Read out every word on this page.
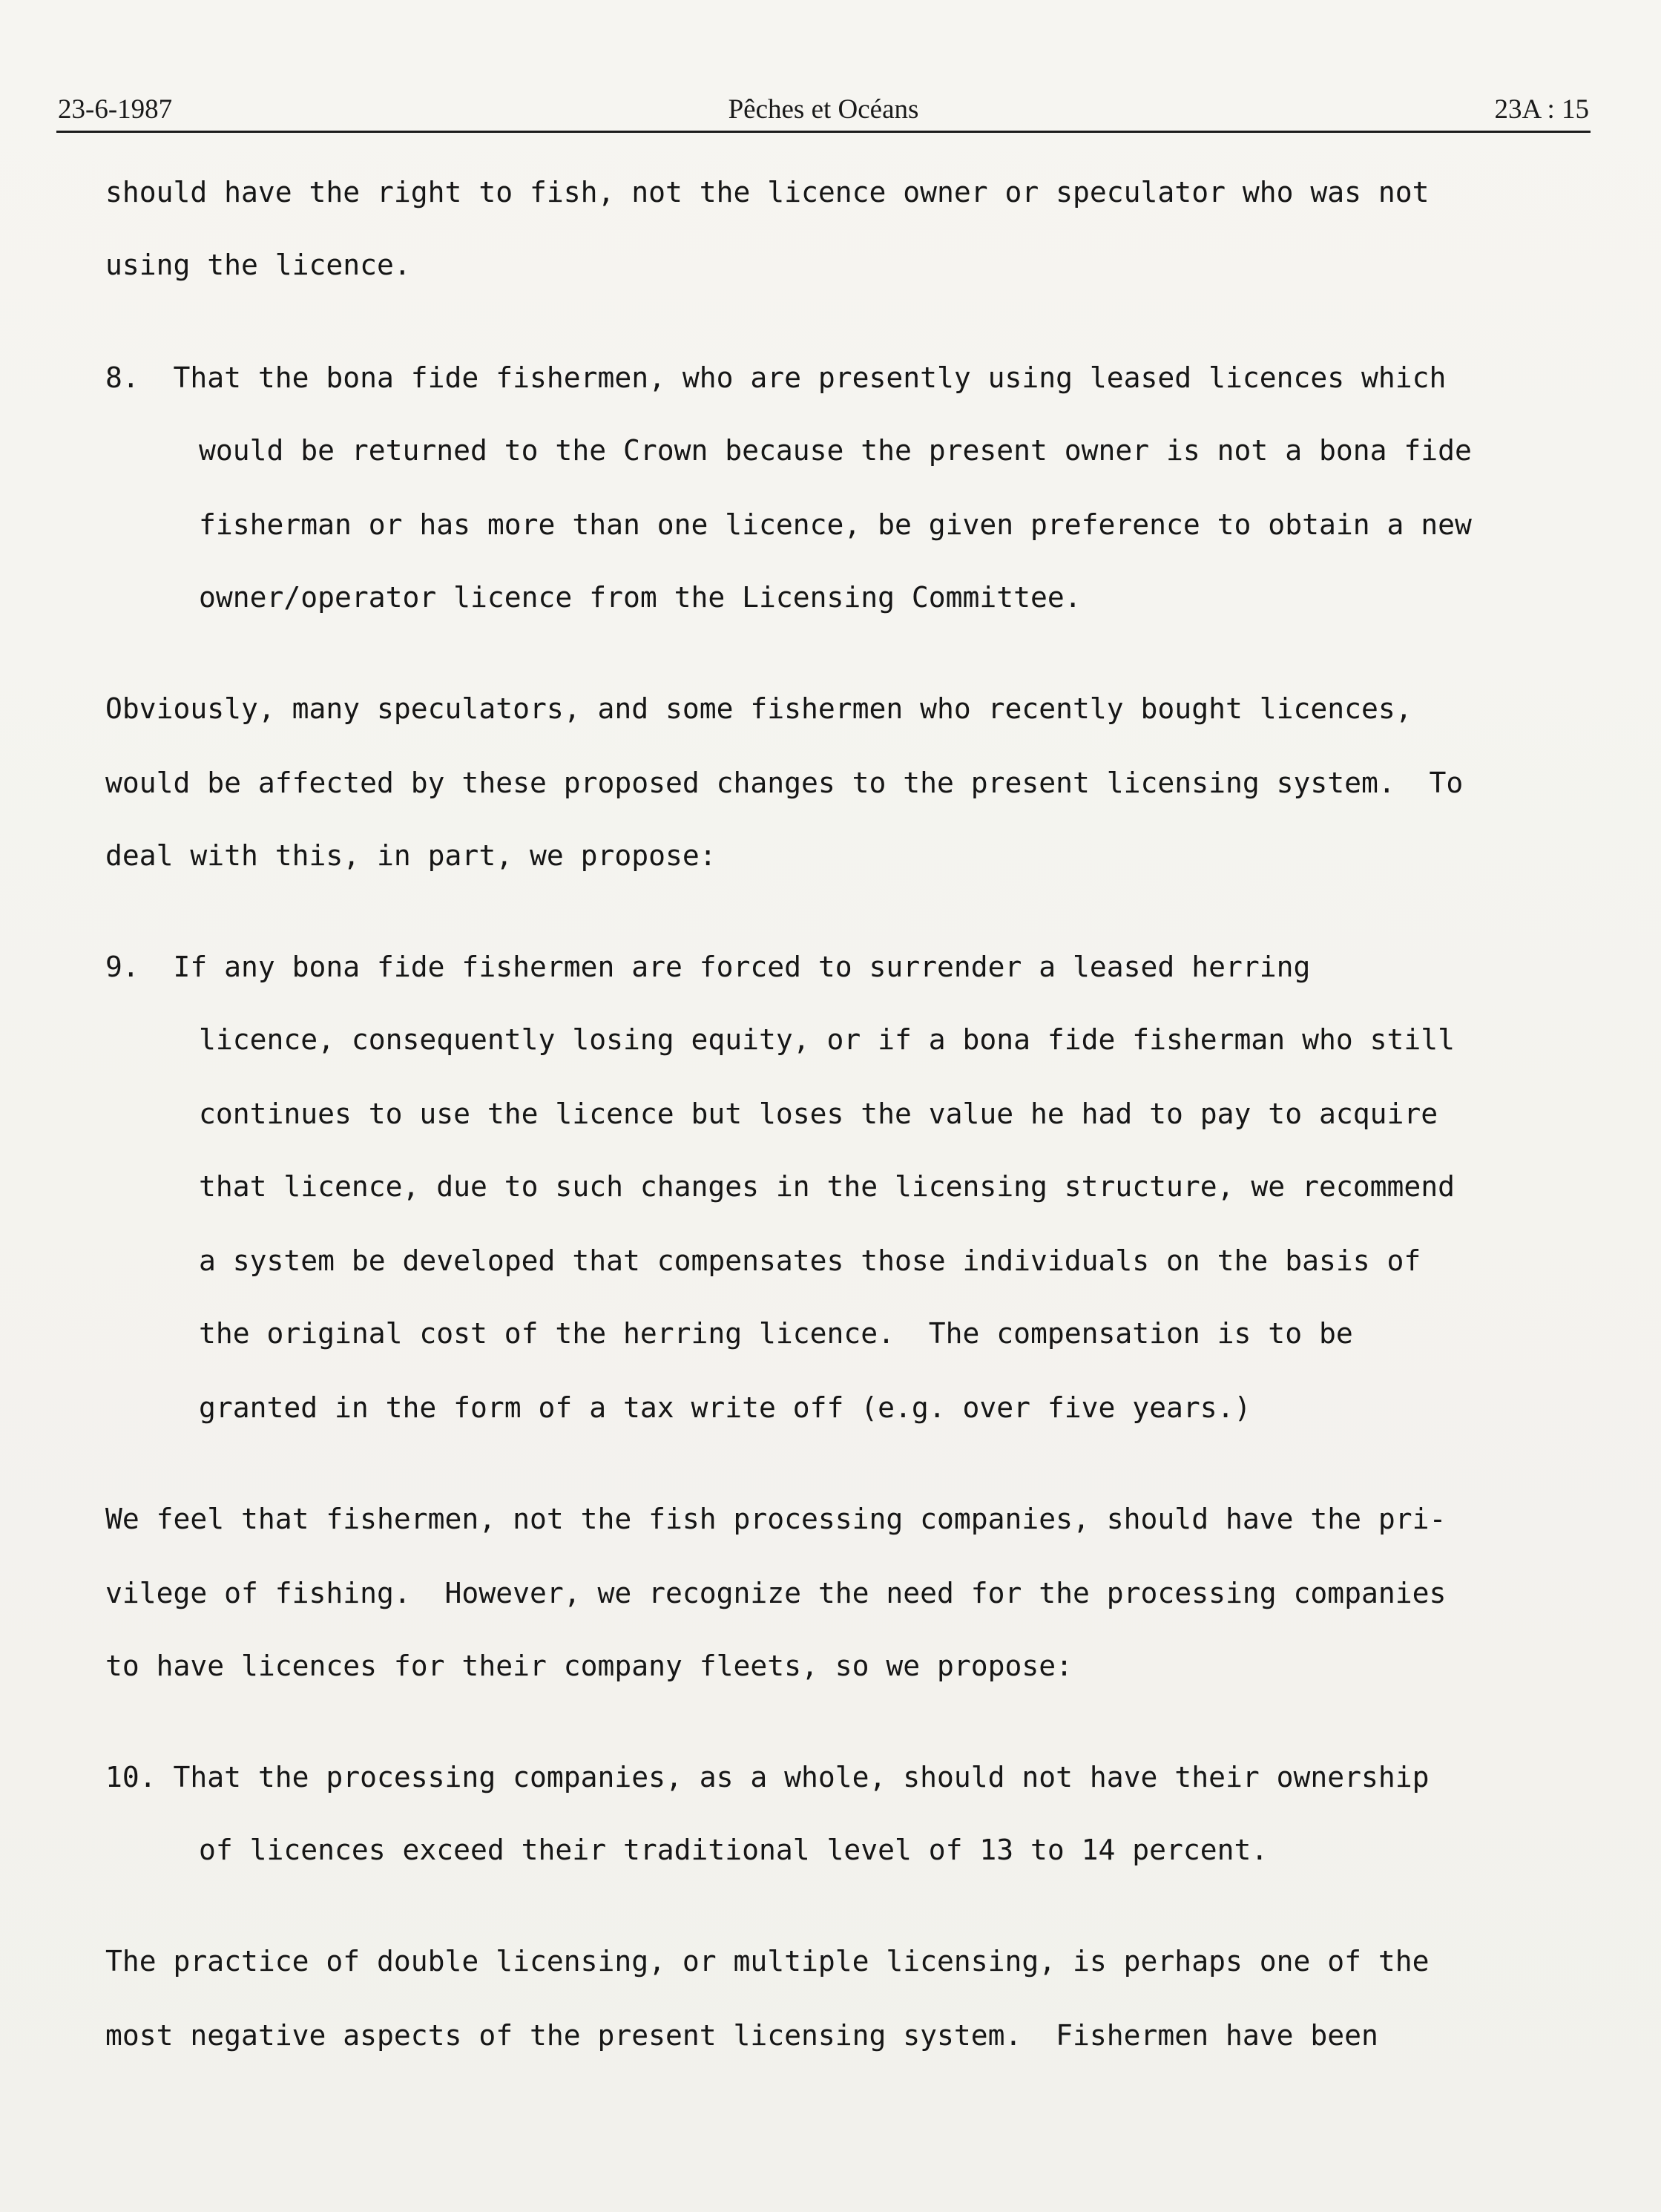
23-6-1987	Pêches et Océans	23A : 15
should have the right to fish, not the licence owner or speculator who was not
using the licence.
8.  That the bona fide fishermen, who are presently using leased licences which
would be returned to the Crown because the present owner is not a bona fide
fisherman or has more than one licence, be given preference to obtain a new
owner/operator licence from the Licensing Committee.
Obviously, many speculators, and some fishermen who recently bought licences,
would be affected by these proposed changes to the present licensing system.  To
deal with this, in part, we propose:
9.  If any bona fide fishermen are forced to surrender a leased herring
licence, consequently losing equity, or if a bona fide fisherman who still
continues to use the licence but loses the value he had to pay to acquire
that licence, due to such changes in the licensing structure, we recommend
a system be developed that compensates those individuals on the basis of
the original cost of the herring licence.  The compensation is to be
granted in the form of a tax write off (e.g. over five years.)
We feel that fishermen, not the fish processing companies, should have the pri-
vilege of fishing.  However, we recognize the need for the processing companies
to have licences for their company fleets, so we propose:
10. That the processing companies, as a whole, should not have their ownership
of licences exceed their traditional level of 13 to 14 percent.
The practice of double licensing, or multiple licensing, is perhaps one of the
most negative aspects of the present licensing system.  Fishermen have been
